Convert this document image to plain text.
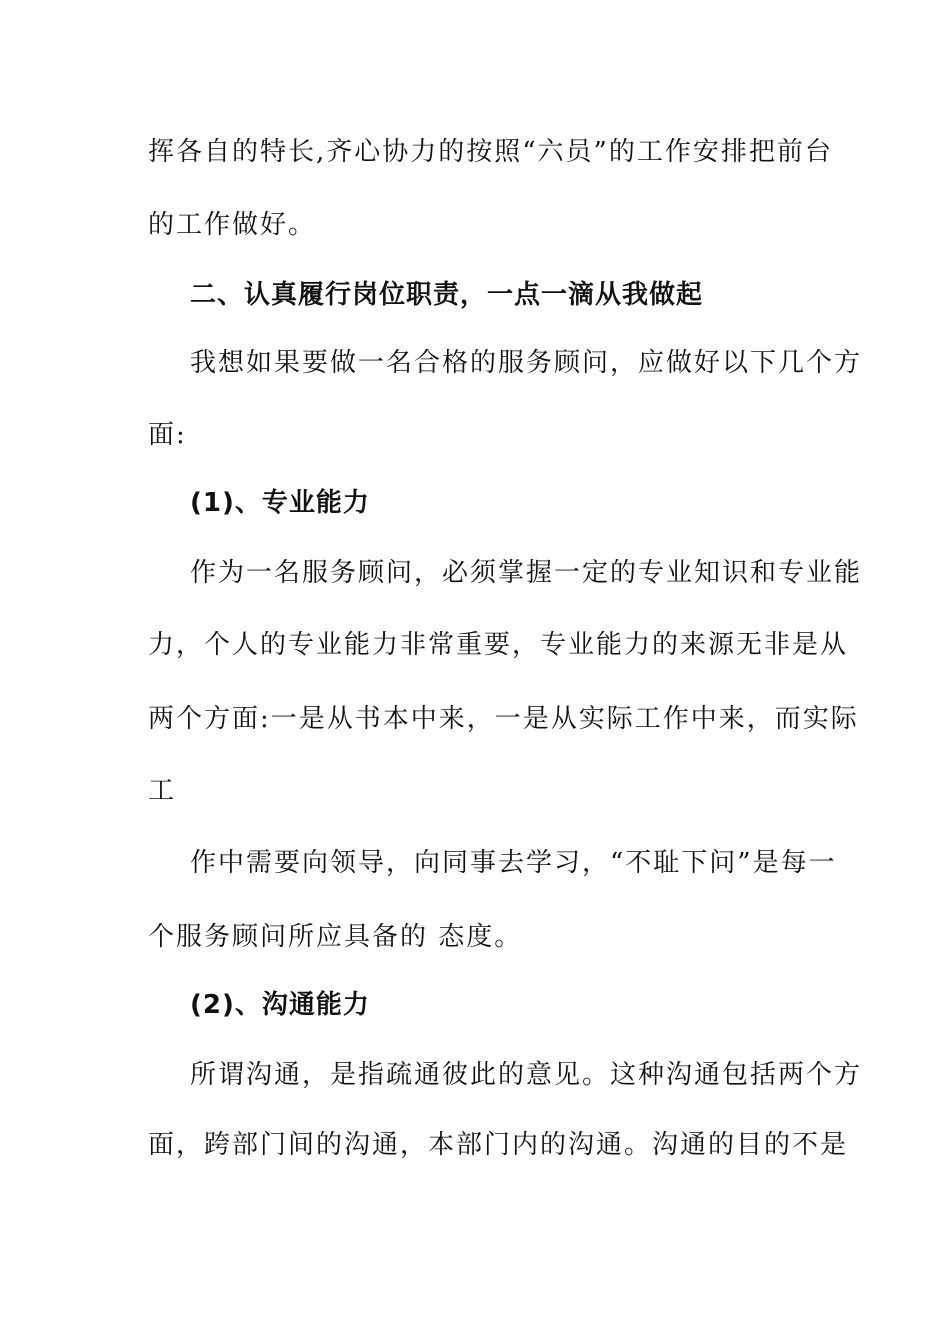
挥各自的特长,齐心协力的按照“六员”的工作安排把前台
的工作做好。
二、认真履行岗位职责，一点一滴从我做起
我想如果要做一名合格的服务顾问，应做好以下几个方
面:
(1)、专业能力
作为一名服务顾问，必须掌握一定的专业知识和专业能
力，个人的专业能力非常重要，专业能力的来源无非是从
两个方面:一是从书本中来，一是从实际工作中来，而实际
工
作中需要向领导，向同事去学习，“不耻下问”是每一
个服务顾问所应具备的 态度。
(2)、沟通能力
所谓沟通，是指疏通彼此的意见。这种沟通包括两个方
面，跨部门间的沟通，本部门内的沟通。沟通的目的不是
